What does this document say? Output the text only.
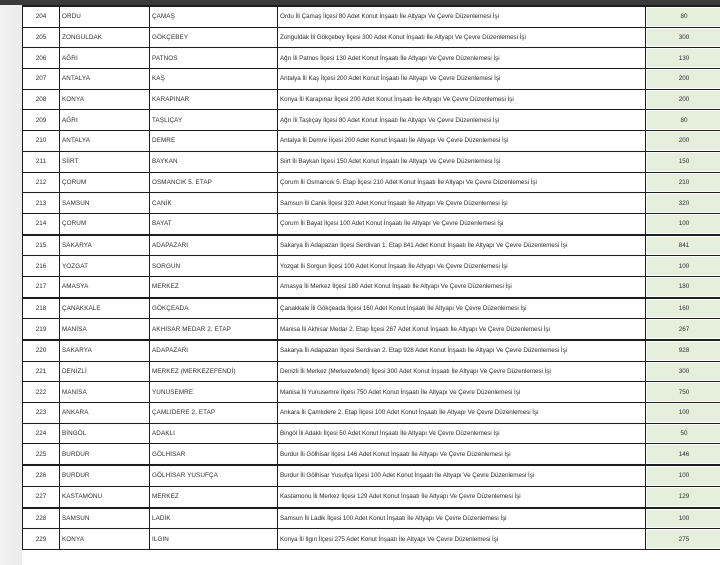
204	ORDU	ÇAMAŞ	Ordu İli Çamaş İlçesi 80 Adet Konut İnşaatı İle Altyapı Ve Çevre Düzenlemesi İşi	80
205	ZONGULDAK	GÖKÇEBEY	Zonguldak İli Gökçebey İlçesi 300 Adet Konut İnşaatı İle Altyapı Ve Çevre Düzenlemesi İşi	300
206	AĞRI	PATNOS	Ağrı İli Patnos İlçesi 130 Adet Konut İnşaatı İle Altyapı Ve Çevre Düzenlemesi İşi	130
207	ANTALYA	KAŞ	Antalya İli Kaş İlçesi 200 Adet Konut İnşaatı İle Altyapı Ve Çevre Düzenlemesi İşi	200
208	KONYA	KARAPINAR	Konya İli Karapınar İlçesi 200 Adet Konut İnşaatı İle Altyapı Ve Çevre Düzenlemesi İşi	200
209	AĞRI	TAŞLIÇAY	Ağrı İli Taşlıçay İlçesi 80 Adet Konut İnşaatı İle Altyapı Ve Çevre Düzenlemesi İşi	80
210	ANTALYA	DEMRE	Antalya İli Demre İlçesi 200 Adet Konut İnşaatı İle Altyapı Ve Çevre Düzenlemesi İşi	200
211	SİİRT	BAYKAN	Siirt İli Baykan İlçesi 150 Adet Konut İnşaatı İle Altyapı Ve Çevre Düzenlemesi İşi	150
212	ÇORUM	OSMANCIK 5. ETAP	Çorum İli Osmancık 5. Etap İlçesi 210 Adet Konut İnşaatı İle Altyapı Ve Çevre Düzenlemesi İşi	210
213	SAMSUN	CANİK	Samsun İli Canik İlçesi 320 Adet Konut İnşaatı İle Altyapı Ve Çevre Düzenlemesi İşi	320
214	ÇORUM	BAYAT	Çorum İli Bayat İlçesi 100 Adet Konut İnşaatı İle Altyapı Ve Çevre Düzenlemesi İşi	100
215	SAKARYA	ADAPAZARI	Sakarya İli Adapazarı İlçesi Serdivan 1. Etap 841 Adet Konut İnşaatı İle Altyapı Ve Çevre Düzenlemesi İşi	841
216	YOZGAT	SORGUN	Yozgat İli Sorgun İlçesi 100 Adet Konut İnşaatı İle Altyapı Ve Çevre Düzenlemesi İşi	100
217	AMASYA	MERKEZ	Amasya İli Merkez İlçesi 180 Adet Konut İnşaatı İle Altyapı Ve Çevre Düzenlemesi İşi	180
218	ÇANAKKALE	GÖKÇEADA	Çanakkale İli Gökçeada İlçesi 160 Adet Konut İnşaatı İle Altyapı Ve Çevre Düzenlemesi İşi	160
219	MANİSA	AKHİSAR MEDAR 2. ETAP	Manisa İli Akhisar Medar 2. Etap İlçesi 267 Adet Konut İnşaatı İle Altyapı Ve Çevre Düzenlemesi İşi	267
220	SAKARYA	ADAPAZARI	Sakarya İli Adapazarı İlçesi Serdivan 2. Etap 928 Adet Konut İnşaatı İle Altyapı Ve Çevre Düzenlemesi İşi	928
221	DENİZLİ	MERKEZ (MERKEZEFENDİ)	Denizli İli Merkez (Merkezefendi) İlçesi 300 Adet Konut İnşaatı İle Altyapı Ve Çevre Düzenlemesi İşi	300
222	MANİSA	YUNUSEMRE	Manisa İli Yunusemre İlçesi 750 Adet Konut İnşaatı İle Altyapı Ve Çevre Düzenlemesi İşi	750
223	ANKARA	ÇAMLIDERE 2. ETAP	Ankara İli Çamlıdere 2. Etap İlçesi 100 Adet Konut İnşaatı İle Altyapı Ve Çevre Düzenlemesi İşi	100
224	BİNGÖL	ADAKLI	Bingöl İli Adaklı İlçesi 50 Adet Konut İnşaatı İle Altyapı Ve Çevre Düzenlemesi İşi	50
225	BURDUR	GÖLHİSAR	Burdur İli Gölhisar İlçesi 146 Adet Konut İnşaatı İle Altyapı Ve Çevre Düzenlemesi İşi	146
226	BURDUR	GÖLHİSAR YUSUFÇA	Burdur İli Gölhisar Yusufça İlçesi 100 Adet Konut İnşaatı İle Altyapı Ve Çevre Düzenlemesi İşi	100
227	KASTAMONU	MERKEZ	Kastamonu İli Merkez İlçesi 129 Adet Konut İnşaatı İle Altyapı Ve Çevre Düzenlemesi İşi	129
228	SAMSUN	LADİK	Samsun İli Ladik İlçesi 100 Adet Konut İnşaatı İle Altyapı Ve Çevre Düzenlemesi İşi	100
229	KONYA	ILGIN	Konya İli Ilgın İlçesi 275 Adet Konut İnşaatı İle Altyapı Ve Çevre Düzenlemesi İşi	275
